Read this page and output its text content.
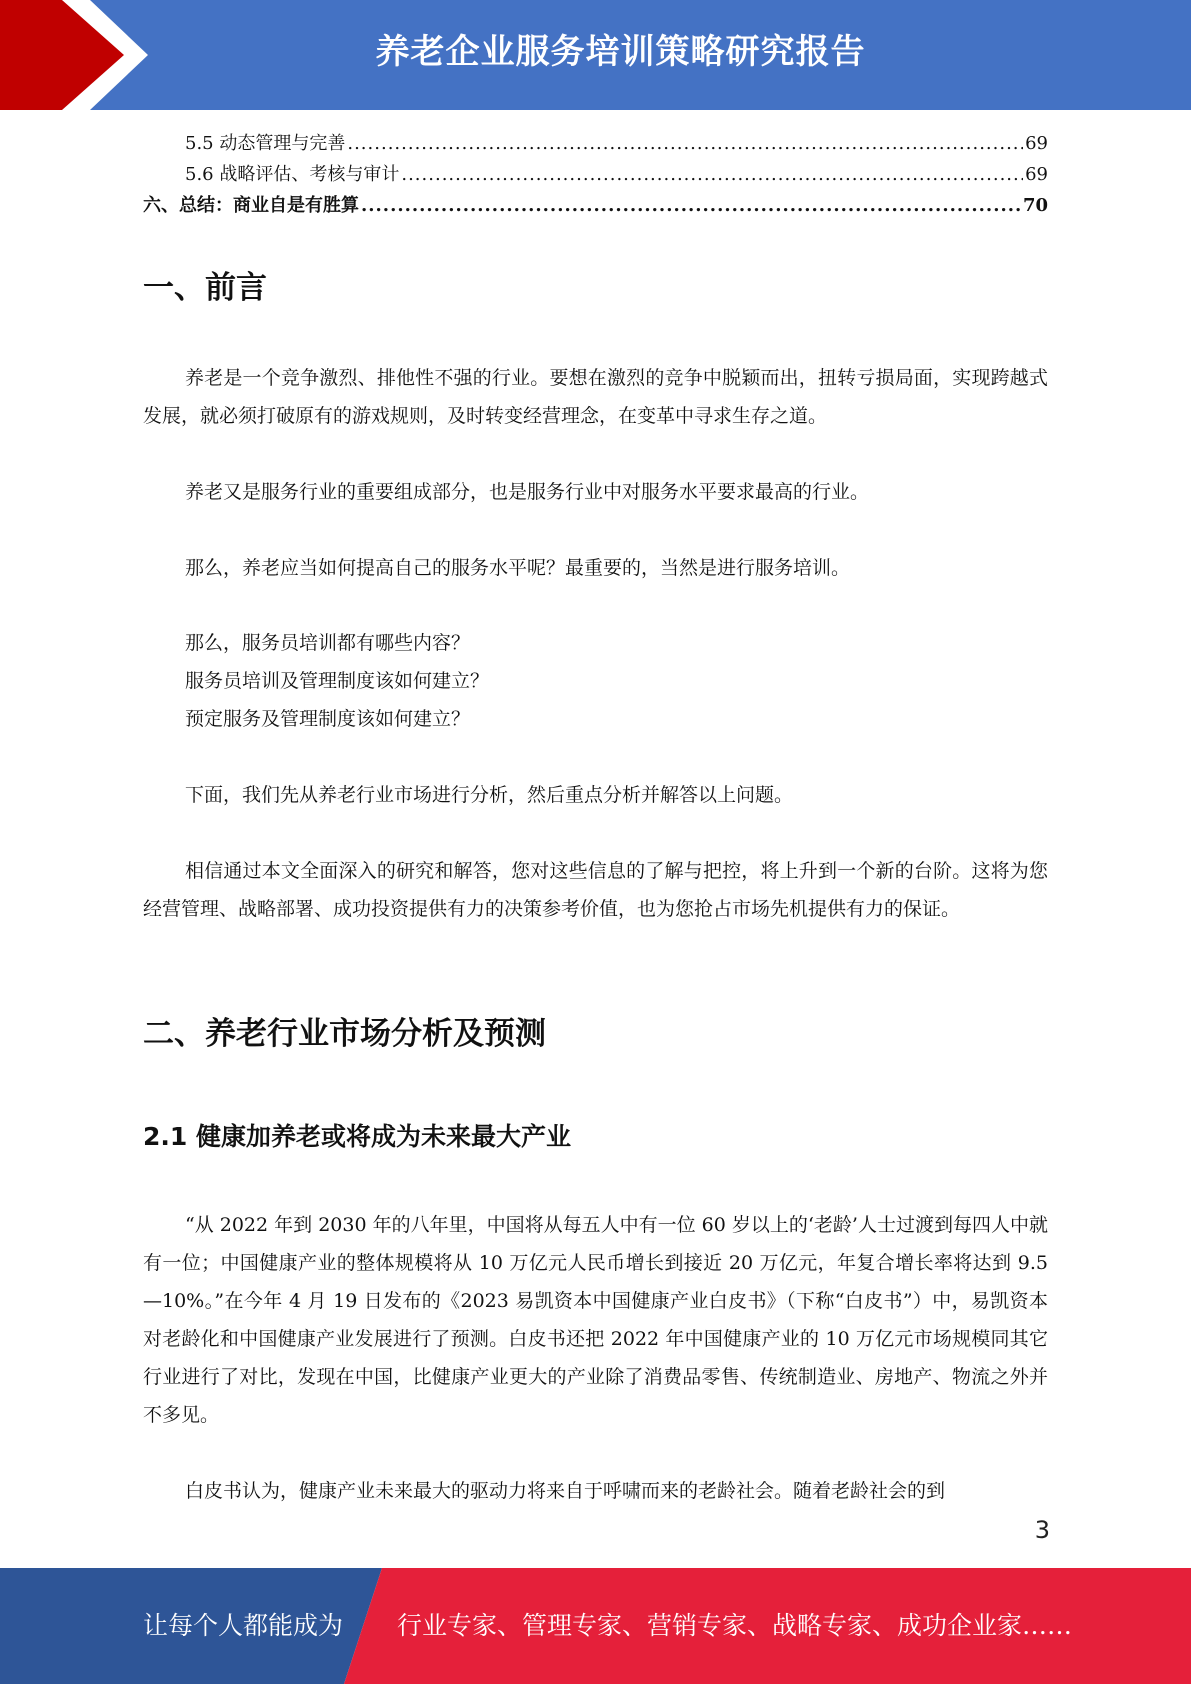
养老企业服务培训策略研究报告
5.5 动态管理与完善 .....	69
5.6 战略评估、考核与审计 .....	69
六、总结：商业自是有胜算 .....	70
一、前言

养老是一个竞争激烈、排他性不强的行业。要想在激烈的竞争中脱颖而出，扭转亏损局面，实现跨越式发展，就必须打破原有的游戏规则，及时转变经营理念，在变革中寻求生存之道。

养老又是服务行业的重要组成部分，也是服务行业中对服务水平要求最高的行业。

那么，养老应当如何提高自己的服务水平呢？最重要的，当然是进行服务培训。

那么，服务员培训都有哪些内容？
服务员培训及管理制度该如何建立？
预定服务及管理制度该如何建立？

下面，我们先从养老行业市场进行分析，然后重点分析并解答以上问题。

相信通过本文全面深入的研究和解答，您对这些信息的了解与把控，将上升到一个新的台阶。这将为您经营管理、战略部署、成功投资提供有力的决策参考价值，也为您抢占市场先机提供有力的保证。

二、养老行业市场分析及预测
2.1 健康加养老或将成为未来最大产业

“从 2022 年到 2030 年的八年里，中国将从每五人中有一位 60 岁以上的‘老龄’人士过渡到每四人中就有一位；中国健康产业的整体规模将从 10 万亿元人民币增长到接近 20 万亿元，年复合增长率将达到 9.5—10%。”在今年 4 月 19 日发布的《2023 易凯资本中国健康产业白皮书》（下称“白皮书”）中，易凯资本对老龄化和中国健康产业发展进行了预测。白皮书还把 2022 年中国健康产业的 10 万亿元市场规模同其它行业进行了对比，发现在中国，比健康产业更大的产业除了消费品零售、传统制造业、房地产、物流之外并不多见。

白皮书认为，健康产业未来最大的驱动力将来自于呼啸而来的老龄社会。随着老龄社会的到

3
让每个人都能成为 行业专家、管理专家、营销专家、战略专家、成功企业家……
